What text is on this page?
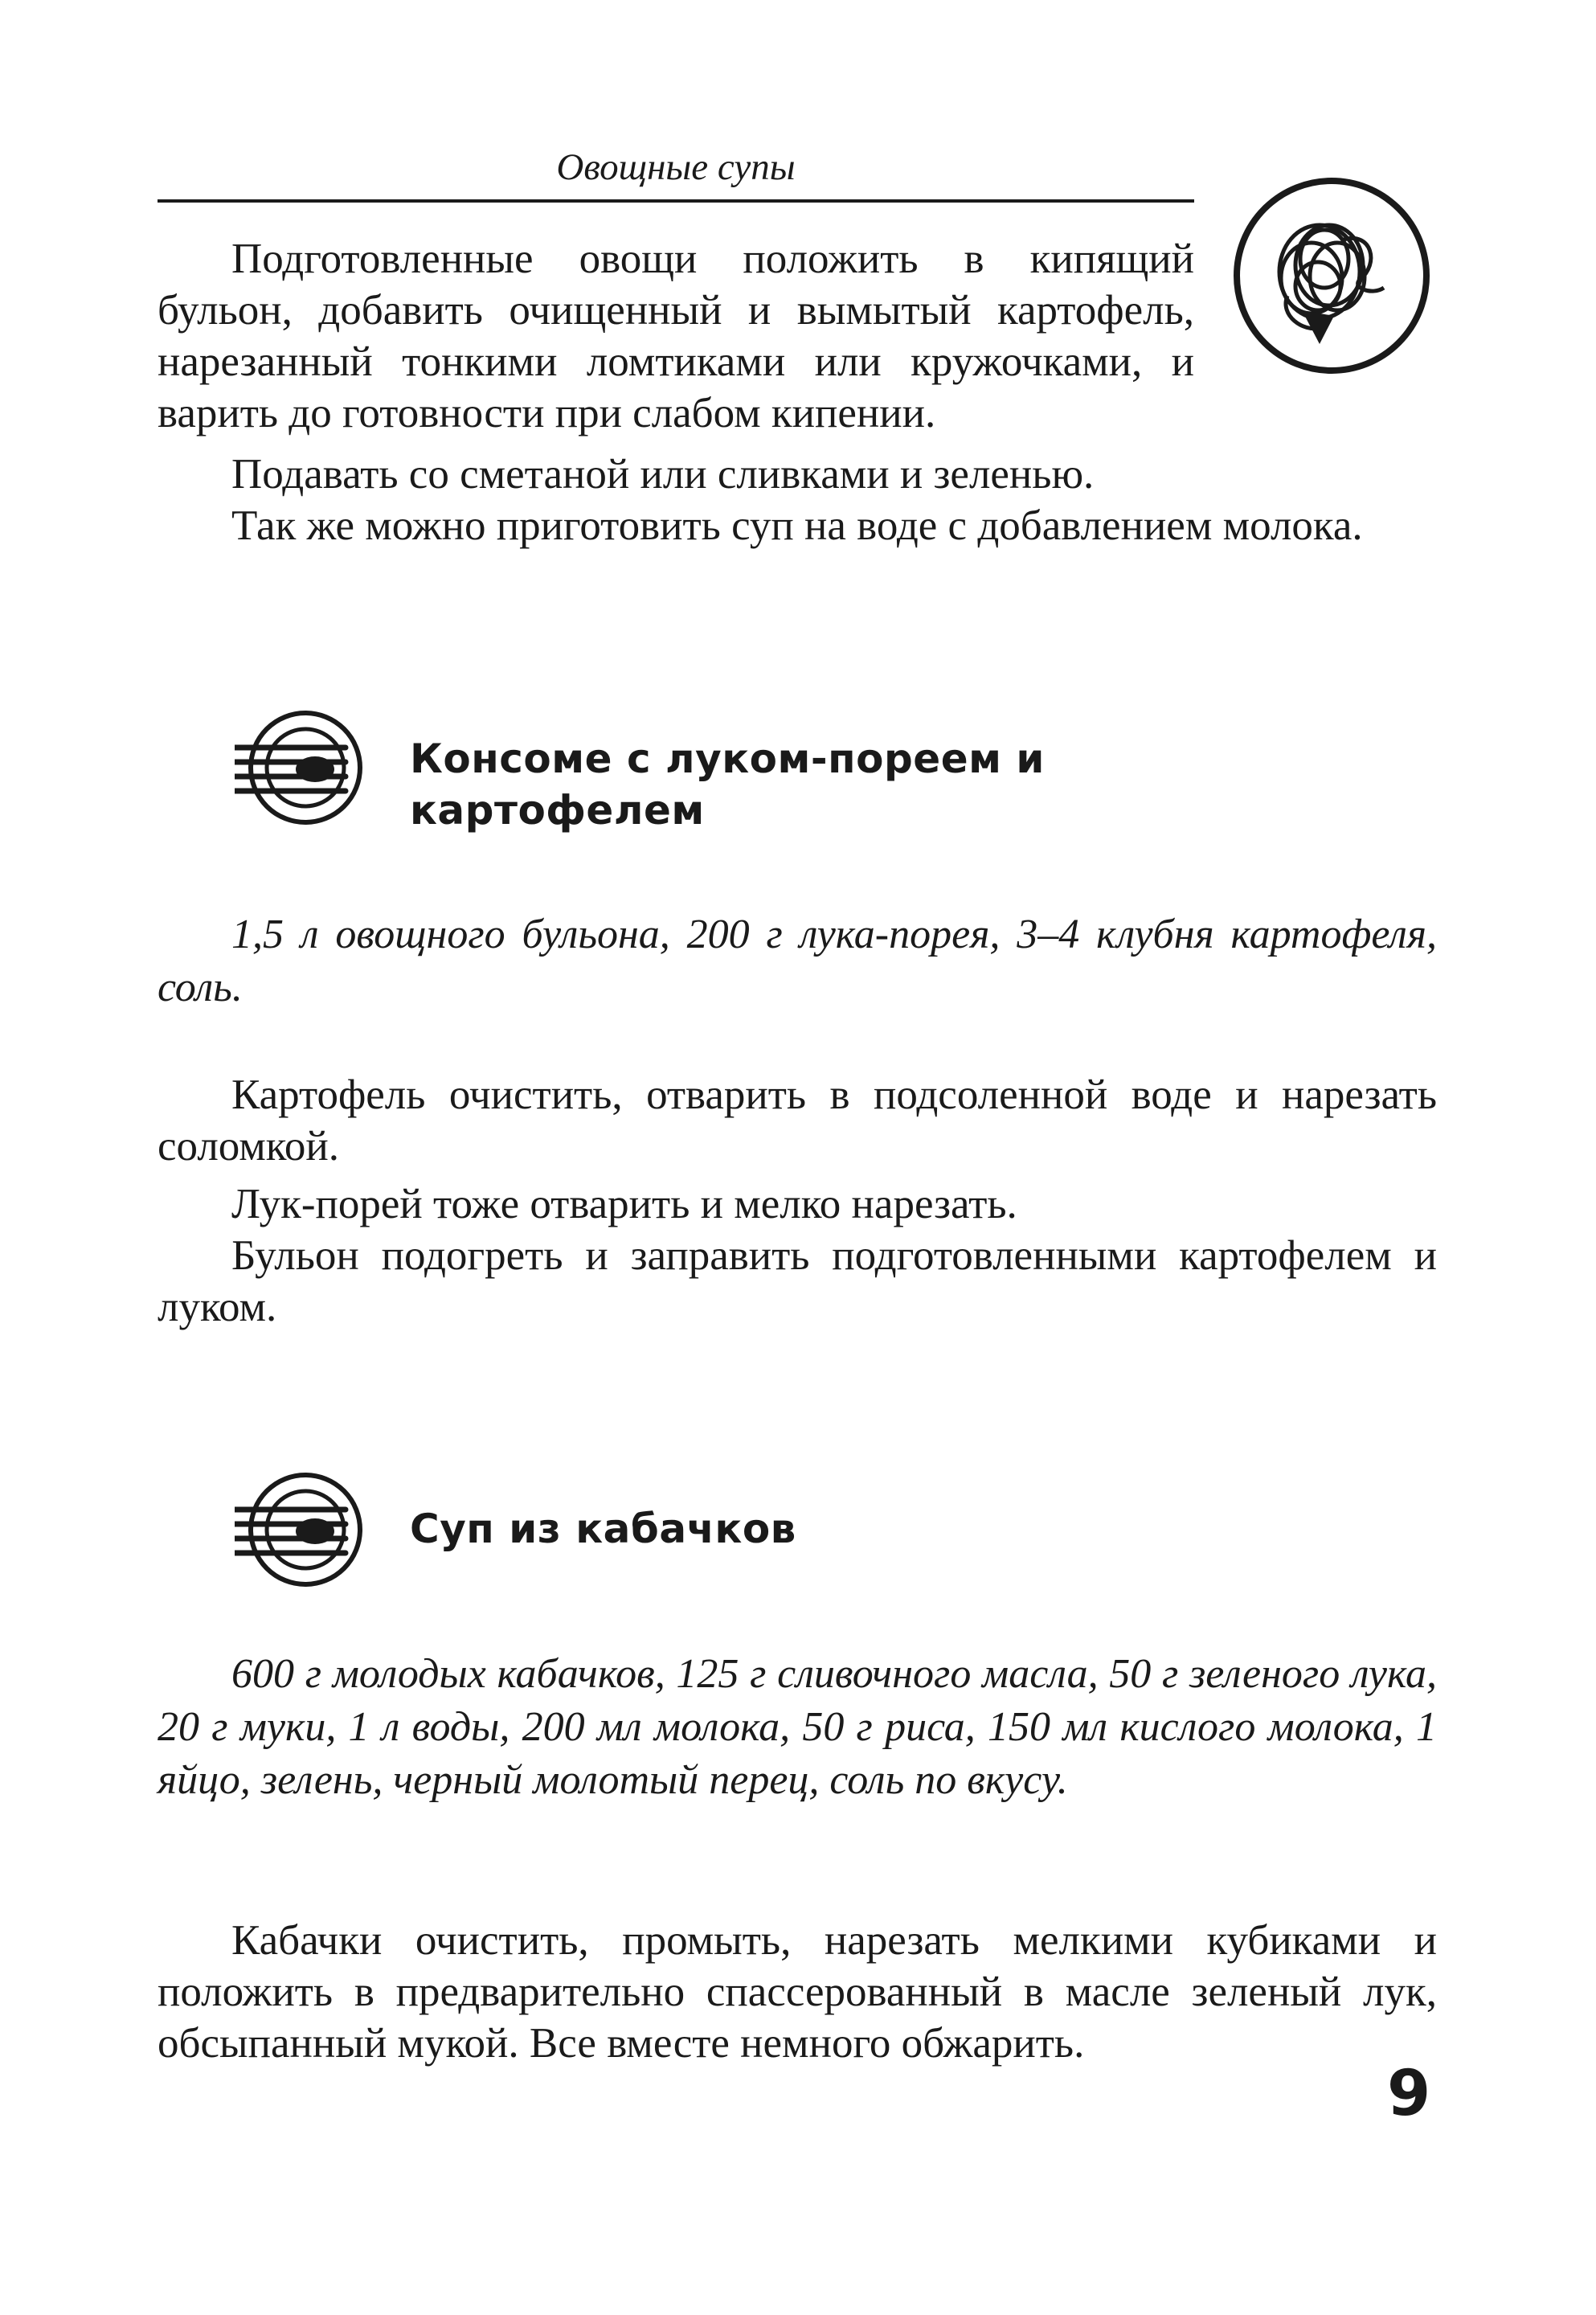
Овощные супы

Подготовленные овощи положить в кипящий бульон, добавить очищенный и вымытый картофель, нарезанный тонкими ломтиками или кружочками, и варить до готовности при слабом кипении.

Подавать со сметаной или сливками и зеленью.

Так же можно приготовить суп на воде с добавлением молока.

Консоме с луком-пореем и картофелем

1,5 л овощного бульона, 200 г лука-порея, 3–4 клубня картофеля, соль.

Картофель очистить, отварить в подсоленной воде и нарезать соломкой.

Лук-порей тоже отварить и мелко нарезать.

Бульон подогреть и заправить подготовленными картофелем и луком.

Суп из кабачков

600 г молодых кабачков, 125 г сливочного масла, 50 г зеленого лука, 20 г муки, 1 л воды, 200 мл молока, 50 г риса, 150 мл кислого молока, 1 яйцо, зелень, черный молотый перец, соль по вкусу.

Кабачки очистить, промыть, нарезать мелкими кубиками и положить в предварительно спассерованный в масле зеленый лук, обсыпанный мукой. Все вместе немного обжарить.

9
